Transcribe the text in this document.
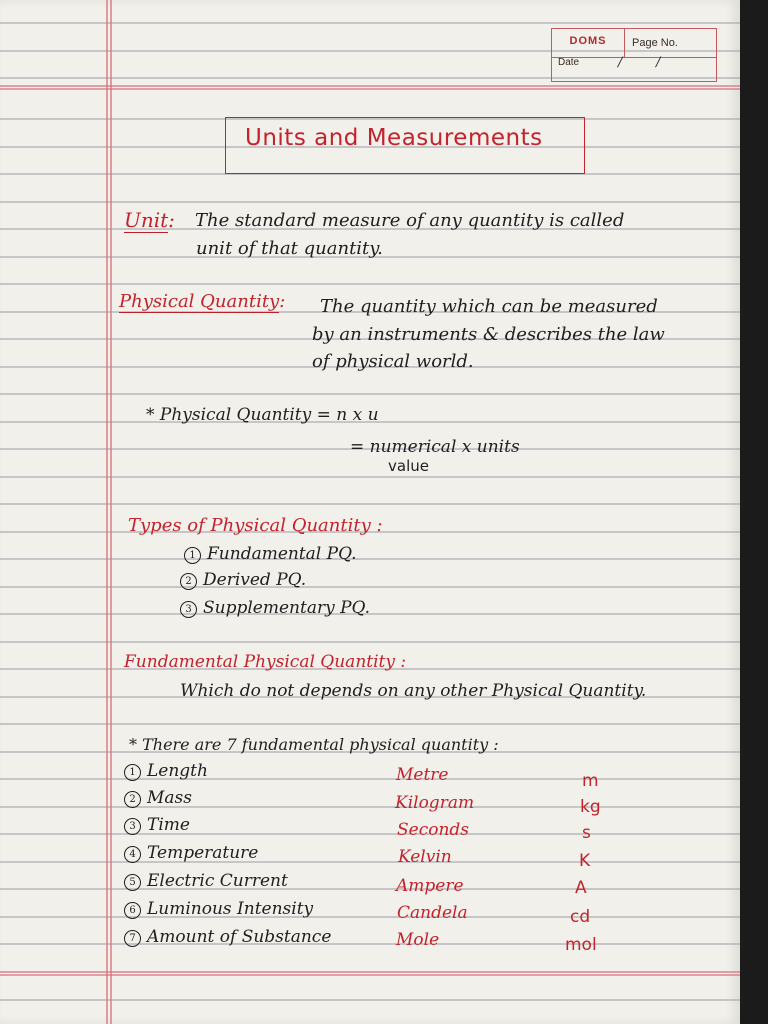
DOMS	Page No.
Date	/	/
Units and Measurements
Unit: The standard measure of any quantity is called
unit of that quantity.
Physical Quantity: The quantity which can be measured
by an instruments & describes the law
of physical world.
* Physical Quantity = n x u
= numerical x units
value
Types of Physical Quantity :
1 Fundamental PQ.
2 Derived PQ.
3 Supplementary PQ.
Fundamental Physical Quantity :
Which do not depends on any other Physical Quantity.
* There are 7 fundamental physical quantity :
1 Length	Metre	m
2 Mass	Kilogram	kg
3 Time	Seconds	s
4 Temperature	Kelvin	K
5 Electric Current	Ampere	A
6 Luminous Intensity	Candela	cd
7 Amount of Substance	Mole	mol
